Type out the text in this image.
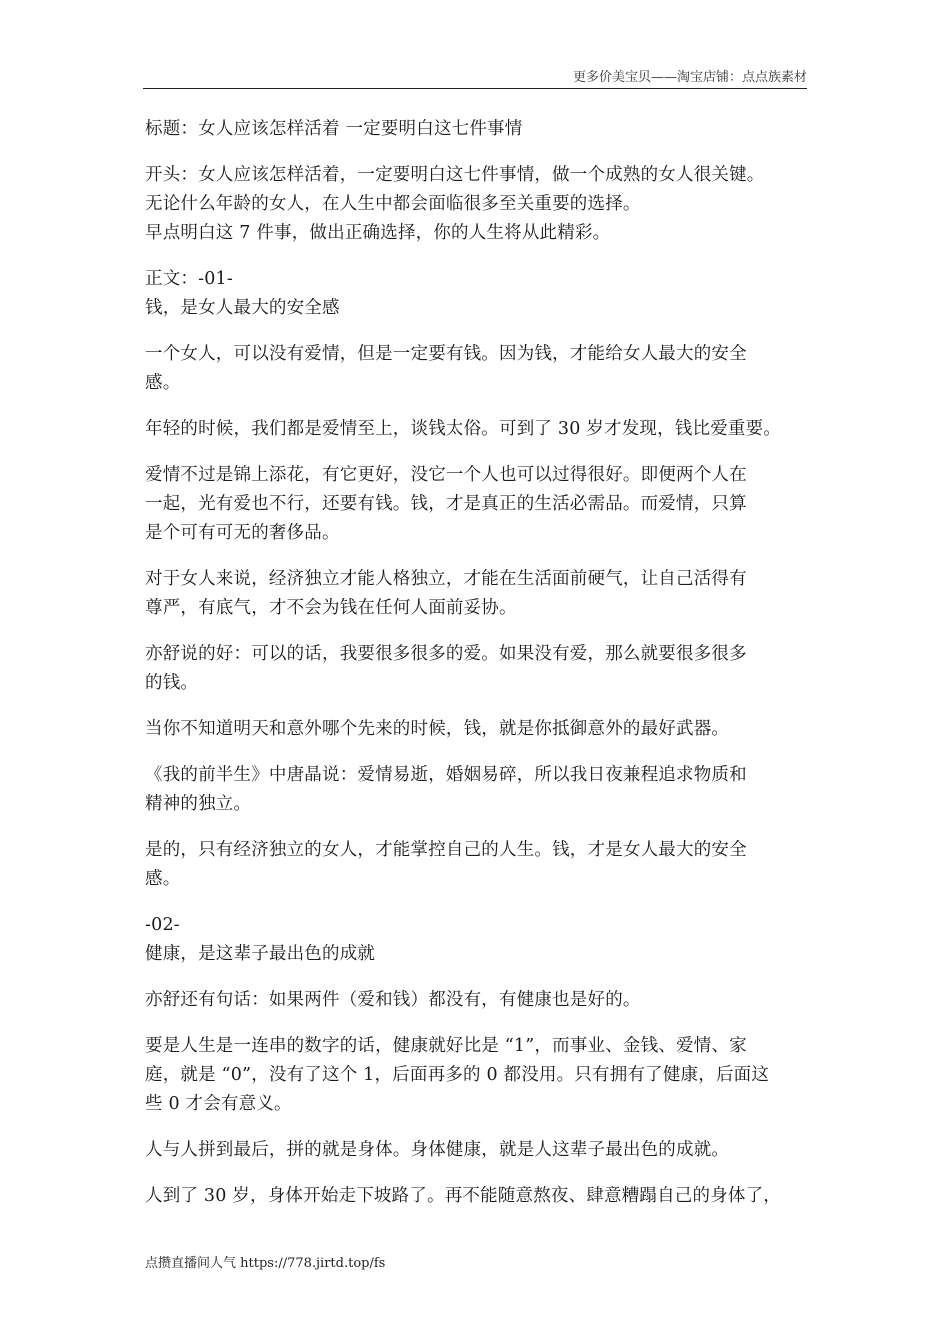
更多价美宝贝——淘宝店铺：点点族素材

标题：女人应该怎样活着 一定要明白这七件事情

开头：女人应该怎样活着，一定要明白这七件事情，做一个成熟的女人很关键。
无论什么年龄的女人，在人生中都会面临很多至关重要的选择。
早点明白这 7 件事，做出正确选择，你的人生将从此精彩。

正文：-01-
钱，是女人最大的安全感

一个女人，可以没有爱情，但是一定要有钱。因为钱，才能给女人最大的安全
感。

年轻的时候，我们都是爱情至上，谈钱太俗。可到了 30 岁才发现，钱比爱重要。

爱情不过是锦上添花，有它更好，没它一个人也可以过得很好。即便两个人在
一起，光有爱也不行，还要有钱。钱，才是真正的生活必需品。而爱情，只算
是个可有可无的奢侈品。

对于女人来说，经济独立才能人格独立，才能在生活面前硬气，让自己活得有
尊严，有底气，才不会为钱在任何人面前妥协。

亦舒说的好：可以的话，我要很多很多的爱。如果没有爱，那么就要很多很多
的钱。

当你不知道明天和意外哪个先来的时候，钱，就是你抵御意外的最好武器。

《我的前半生》中唐晶说：爱情易逝，婚姻易碎，所以我日夜兼程追求物质和
精神的独立。

是的，只有经济独立的女人，才能掌控自己的人生。钱，才是女人最大的安全
感。

-02-
健康，是这辈子最出色的成就

亦舒还有句话：如果两件（爱和钱）都没有，有健康也是好的。

要是人生是一连串的数字的话，健康就好比是 “1”，而事业、金钱、爱情、家
庭，就是 “0”，没有了这个 1，后面再多的 0 都没用。只有拥有了健康，后面这
些 0 才会有意义。

人与人拼到最后，拼的就是身体。身体健康，就是人这辈子最出色的成就。

人到了 30 岁，身体开始走下坡路了。再不能随意熬夜、肆意糟蹋自己的身体了，

点攒直播间人气 https://778.jirtd.top/fs
